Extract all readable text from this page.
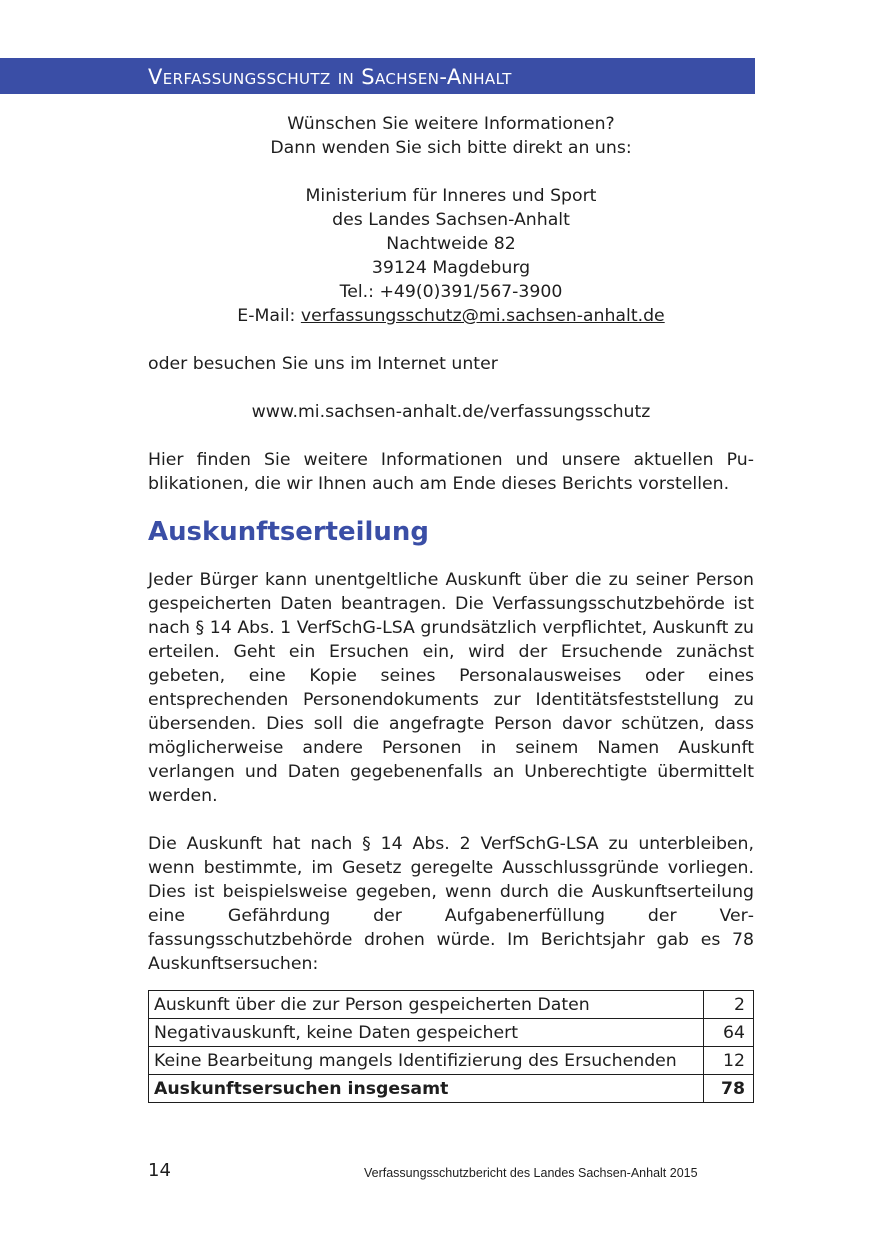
Verfassungsschutz in Sachsen-Anhalt
Wünschen Sie weitere Informationen?
Dann wenden Sie sich bitte direkt an uns:
Ministerium für Inneres und Sport
des Landes Sachsen-Anhalt
Nachtweide 82
39124 Magdeburg
Tel.: +49(0)391/567-3900
E-Mail: verfassungsschutz@mi.sachsen-anhalt.de
oder besuchen Sie uns im Internet unter
www.mi.sachsen-anhalt.de/verfassungsschutz

Hier finden Sie weitere Informationen und unsere aktuellen Publikationen, die wir Ihnen auch am Ende dieses Berichts vorstellen.

Auskunftserteilung

Jeder Bürger kann unentgeltliche Auskunft über die zu seiner Person gespeicherten Daten beantragen. Die Verfassungsschutzbehörde ist nach § 14 Abs. 1 VerfSchG-LSA grundsätzlich verpflichtet, Auskunft zu erteilen. Geht ein Ersuchen ein, wird der Ersuchende zunächst gebeten, eine Kopie seines Personalausweises oder eines entsprechenden Personendokuments zur Identitätsfeststellung zu übersenden. Dies soll die angefragte Person davor schützen, dass möglicherweise andere Personen in seinem Namen Auskunft verlangen und Daten gegebenenfalls an Unberechtigte übermittelt werden.

Die Auskunft hat nach § 14 Abs. 2 VerfSchG-LSA zu unterbleiben, wenn bestimmte, im Gesetz geregelte Ausschlussgründe vorliegen. Dies ist beispielsweise gegeben, wenn durch die Auskunftserteilung eine Gefährdung der Aufgabenerfüllung der Verfassungsschutzbehörde drohen würde. Im Berichtsjahr gab es 78 Auskunftsersuchen:

Auskunft über die zur Person gespeicherten Daten	2
Negativauskunft, keine Daten gespeichert	64
Keine Bearbeitung mangels Identifizierung des Ersuchenden	12
Auskunftsersuchen insgesamt	78
14	Verfassungsschutzbericht des Landes Sachsen-Anhalt 2015
